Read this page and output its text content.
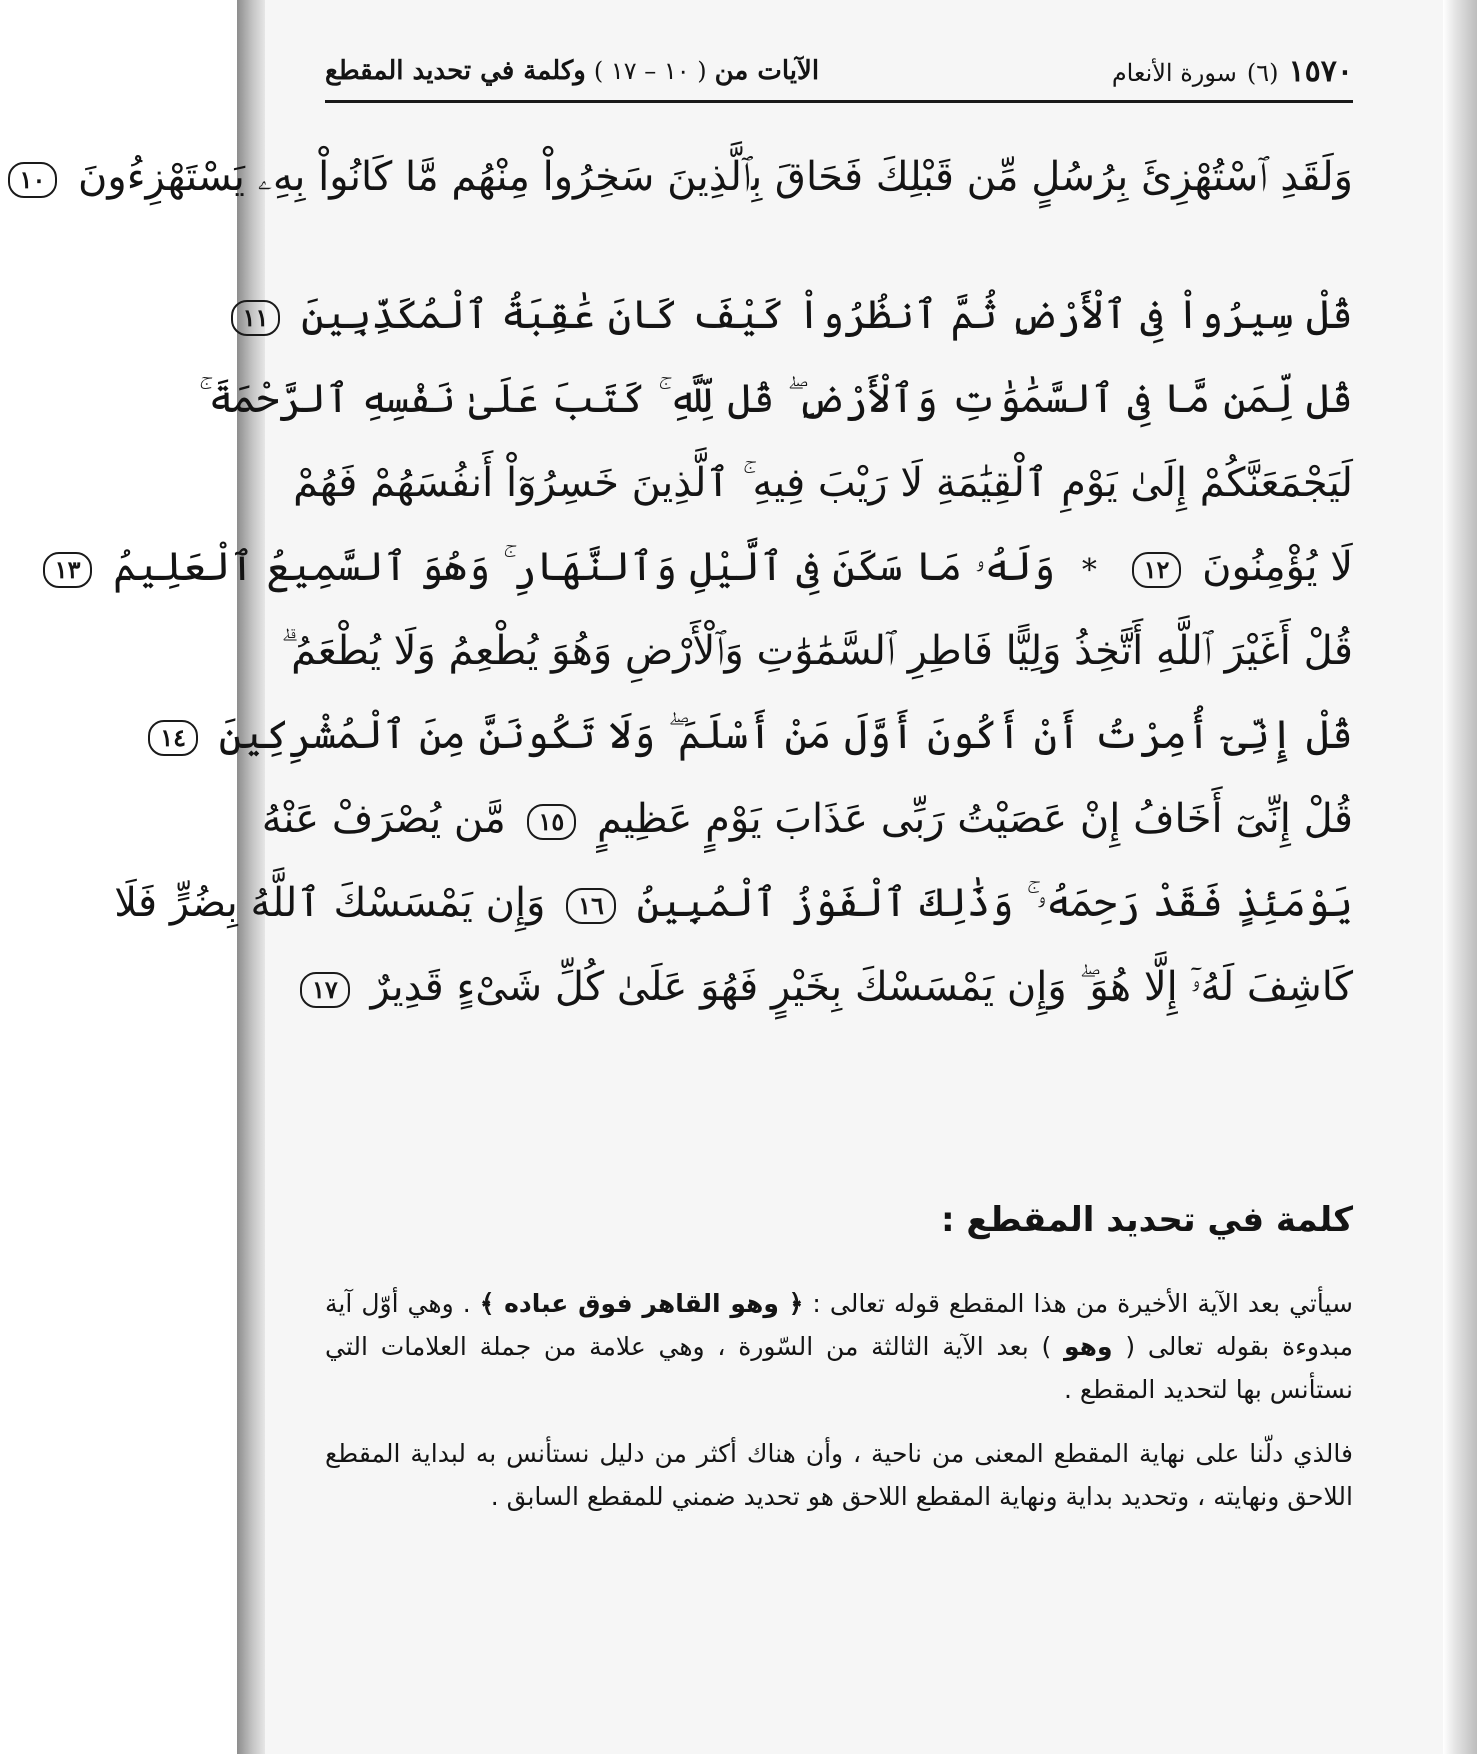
١٥٧٠
(٦)
سورة الأنعام
الآيات من
( ١٠ – ١٧ )
وكلمة في تحديد المقطع
وَلَقَدِ ٱسْتُهْزِئَ بِرُسُلٍ مِّن قَبْلِكَ فَحَاقَ بِٱلَّذِينَ سَخِرُواْ مِنْهُم مَّا كَانُواْ بِهِۦ يَسْتَهْزِءُونَ ١٠
قُلْ سِيرُواْ فِى ٱلْأَرْضِ ثُمَّ ٱنظُرُواْ كَيْفَ كَانَ عَٰقِبَةُ ٱلْمُكَذِّبِينَ ١١
قُل لِّمَن مَّا فِى ٱلسَّمَٰوَٰتِ وَٱلْأَرْضِ ۖ قُل لِّلَّهِ ۚ كَتَبَ عَلَىٰ نَفْسِهِ ٱلرَّحْمَةَ ۚ
لَيَجْمَعَنَّكُمْ إِلَىٰ يَوْمِ ٱلْقِيَٰمَةِ لَا رَيْبَ فِيهِ ۚ ٱلَّذِينَ خَسِرُوٓاْ أَنفُسَهُمْ فَهُمْ
لَا يُؤْمِنُونَ ١٢ * وَلَهُۥ مَا سَكَنَ فِى ٱلَّيْلِ وَٱلنَّهَارِ ۚ وَهُوَ ٱلسَّمِيعُ ٱلْعَلِيمُ ١٣
قُلْ أَغَيْرَ ٱللَّهِ أَتَّخِذُ وَلِيًّا فَاطِرِ ٱلسَّمَٰوَٰتِ وَٱلْأَرْضِ وَهُوَ يُطْعِمُ وَلَا يُطْعَمُ ۗ
قُلْ إِنِّىٓ أُمِرْتُ أَنْ أَكُونَ أَوَّلَ مَنْ أَسْلَمَ ۖ وَلَا تَكُونَنَّ مِنَ ٱلْمُشْرِكِينَ ١٤
قُلْ إِنِّىٓ أَخَافُ إِنْ عَصَيْتُ رَبِّى عَذَابَ يَوْمٍ عَظِيمٍ ١٥ مَّن يُصْرَفْ عَنْهُ
يَوْمَئِذٍ فَقَدْ رَحِمَهُۥ ۚ وَذَٰلِكَ ٱلْفَوْزُ ٱلْمُبِينُ ١٦ وَإِن يَمْسَسْكَ ٱللَّهُ بِضُرٍّ فَلَا
كَاشِفَ لَهُۥٓ إِلَّا هُوَ ۖ وَإِن يَمْسَسْكَ بِخَيْرٍ فَهُوَ عَلَىٰ كُلِّ شَىْءٍ قَدِيرٌ ١٧
كلمة في تحديد المقطع :
سيأتي بعد الآية الأخيرة من هذا المقطع قوله تعالى : ﴿ وهو القاهر فوق عباده ﴾ . وهي أوّل آية مبدوءة بقوله تعالى ( وهو ) بعد الآية الثالثة من السّورة ، وهي علامة من جملة العلامات التي نستأنس بها لتحديد المقطع .
فالذي دلّنا على نهاية المقطع المعنى من ناحية ، وأن هناك أكثر من دليل نستأنس به لبداية المقطع اللاحق ونهايته ، وتحديد بداية ونهاية المقطع اللاحق هو تحديد ضمني للمقطع السابق .
